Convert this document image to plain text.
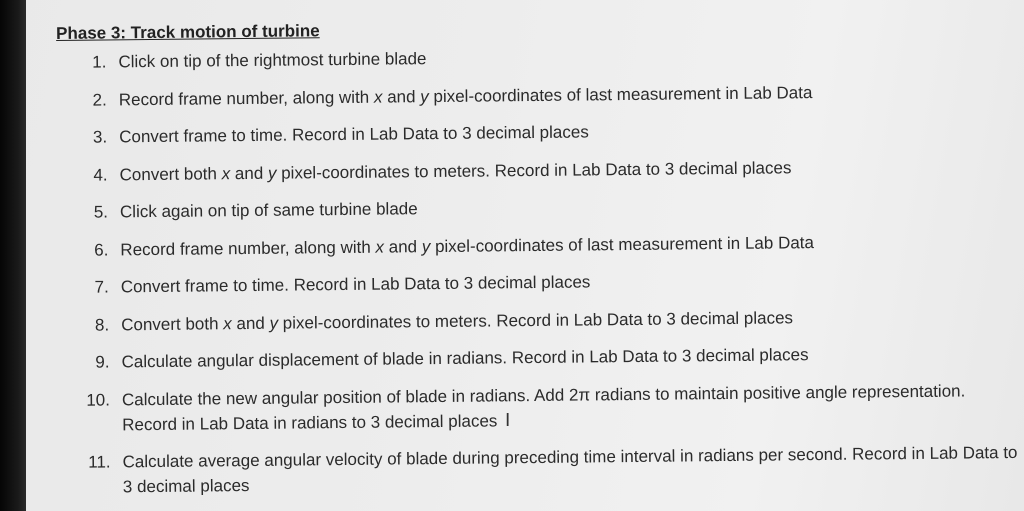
Phase 3: Track motion of turbine
1. Click on tip of the rightmost turbine blade
2. Record frame number, along with x and y pixel-coordinates of last measurement in Lab Data
3. Convert frame to time. Record in Lab Data to 3 decimal places
4. Convert both x and y pixel-coordinates to meters. Record in Lab Data to 3 decimal places
5. Click again on tip of same turbine blade
6. Record frame number, along with x and y pixel-coordinates of last measurement in Lab Data
7. Convert frame to time. Record in Lab Data to 3 decimal places
8. Convert both x and y pixel-coordinates to meters. Record in Lab Data to 3 decimal places
9. Calculate angular displacement of blade in radians. Record in Lab Data to 3 decimal places
10. Calculate the new angular position of blade in radians. Add 2π radians to maintain positive angle representation. Record in Lab Data in radians to 3 decimal places
11. Calculate average angular velocity of blade during preceding time interval in radians per second. Record in Lab Data to 3 decimal places
I
